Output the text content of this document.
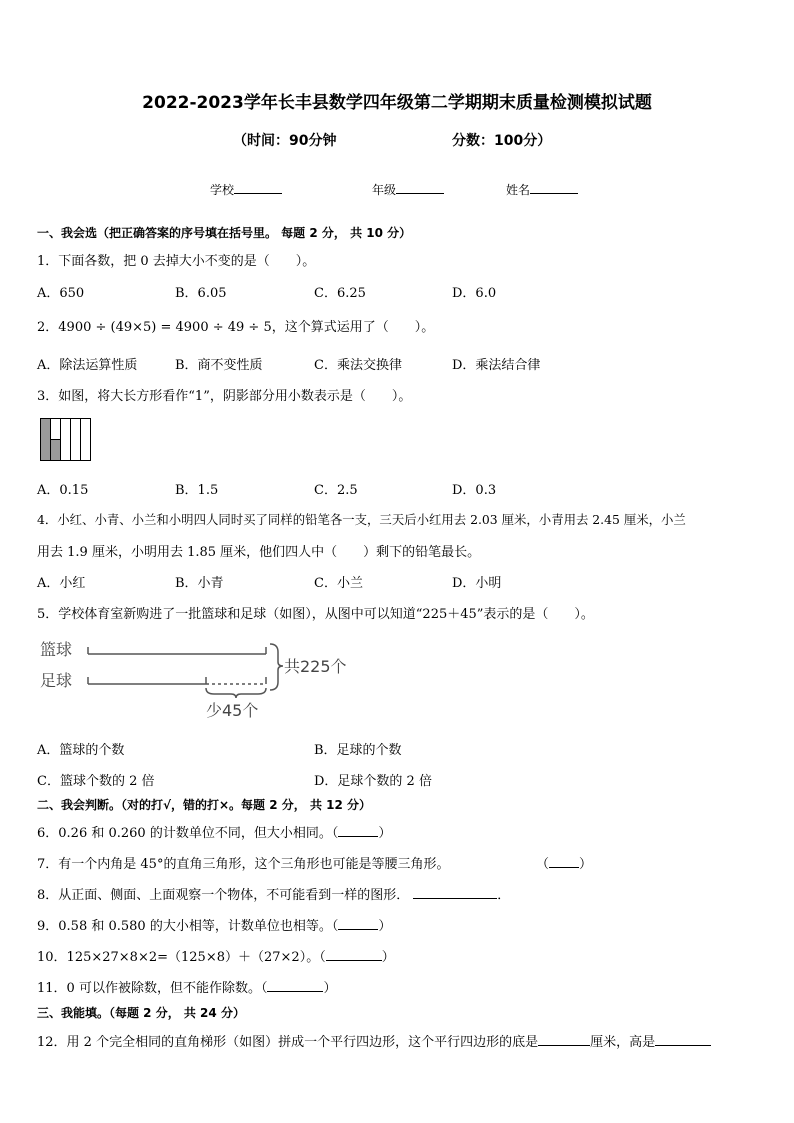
2022-2023学年长丰县数学四年级第二学期期末质量检测模拟试题
（时间：90分钟	分数：100分）
学校	年级	姓名
一、我会选（把正确答案的序号填在括号里。 每题 2 分， 共 10 分）
1．下面各数，把 0 去掉大小不变的是（　　）。
A．650	B．6.05	C．6.25	D．6.0
2．4900 ÷ (49×5) = 4900 ÷ 49 ÷ 5，这个算式运用了（　　）。
A．除法运算性质	B．商不变性质	C．乘法交换律	D．乘法结合律
3．如图，将大长方形看作“1”，阴影部分用小数表示是（　　）。
A．0.15	B．1.5	C．2.5	D．0.3
4．小红、小青、小兰和小明四人同时买了同样的铅笔各一支，三天后小红用去 2.03 厘米，小青用去 2.45 厘米，小兰
用去 1.9 厘米，小明用去 1.85 厘米，他们四人中（　　）剩下的铅笔最长。
A．小红	B．小青	C．小兰	D．小明
5．学校体育室新购进了一批篮球和足球（如图），从图中可以知道“225＋45”表示的是（　　）。
篮球
足球
共225个
少45个
A．篮球的个数	B．足球的个数
C．篮球个数的 2 倍	D．足球个数的 2 倍
二、我会判断。（对的打√，错的打×。每题 2 分， 共 12 分）
6．0.26 和 0.260 的计数单位不同，但大小相同。（	）
7．有一个内角是 45°的直角三角形，这个三角形也可能是等腰三角形。	（ ）
8．从正面、侧面、上面观察一个物体，不可能看到一样的图形．	．
9．0.58 和 0.580 的大小相等，计数单位也相等。（	）
10．125×27×8×2=（125×8）＋（27×2）。（	）
11．0 可以作被除数，但不能作除数。（	）
三、我能填。（每题 2 分， 共 24 分）
12．用 2 个完全相同的直角梯形（如图）拼成一个平行四边形，这个平行四边形的底是	厘米，高是
